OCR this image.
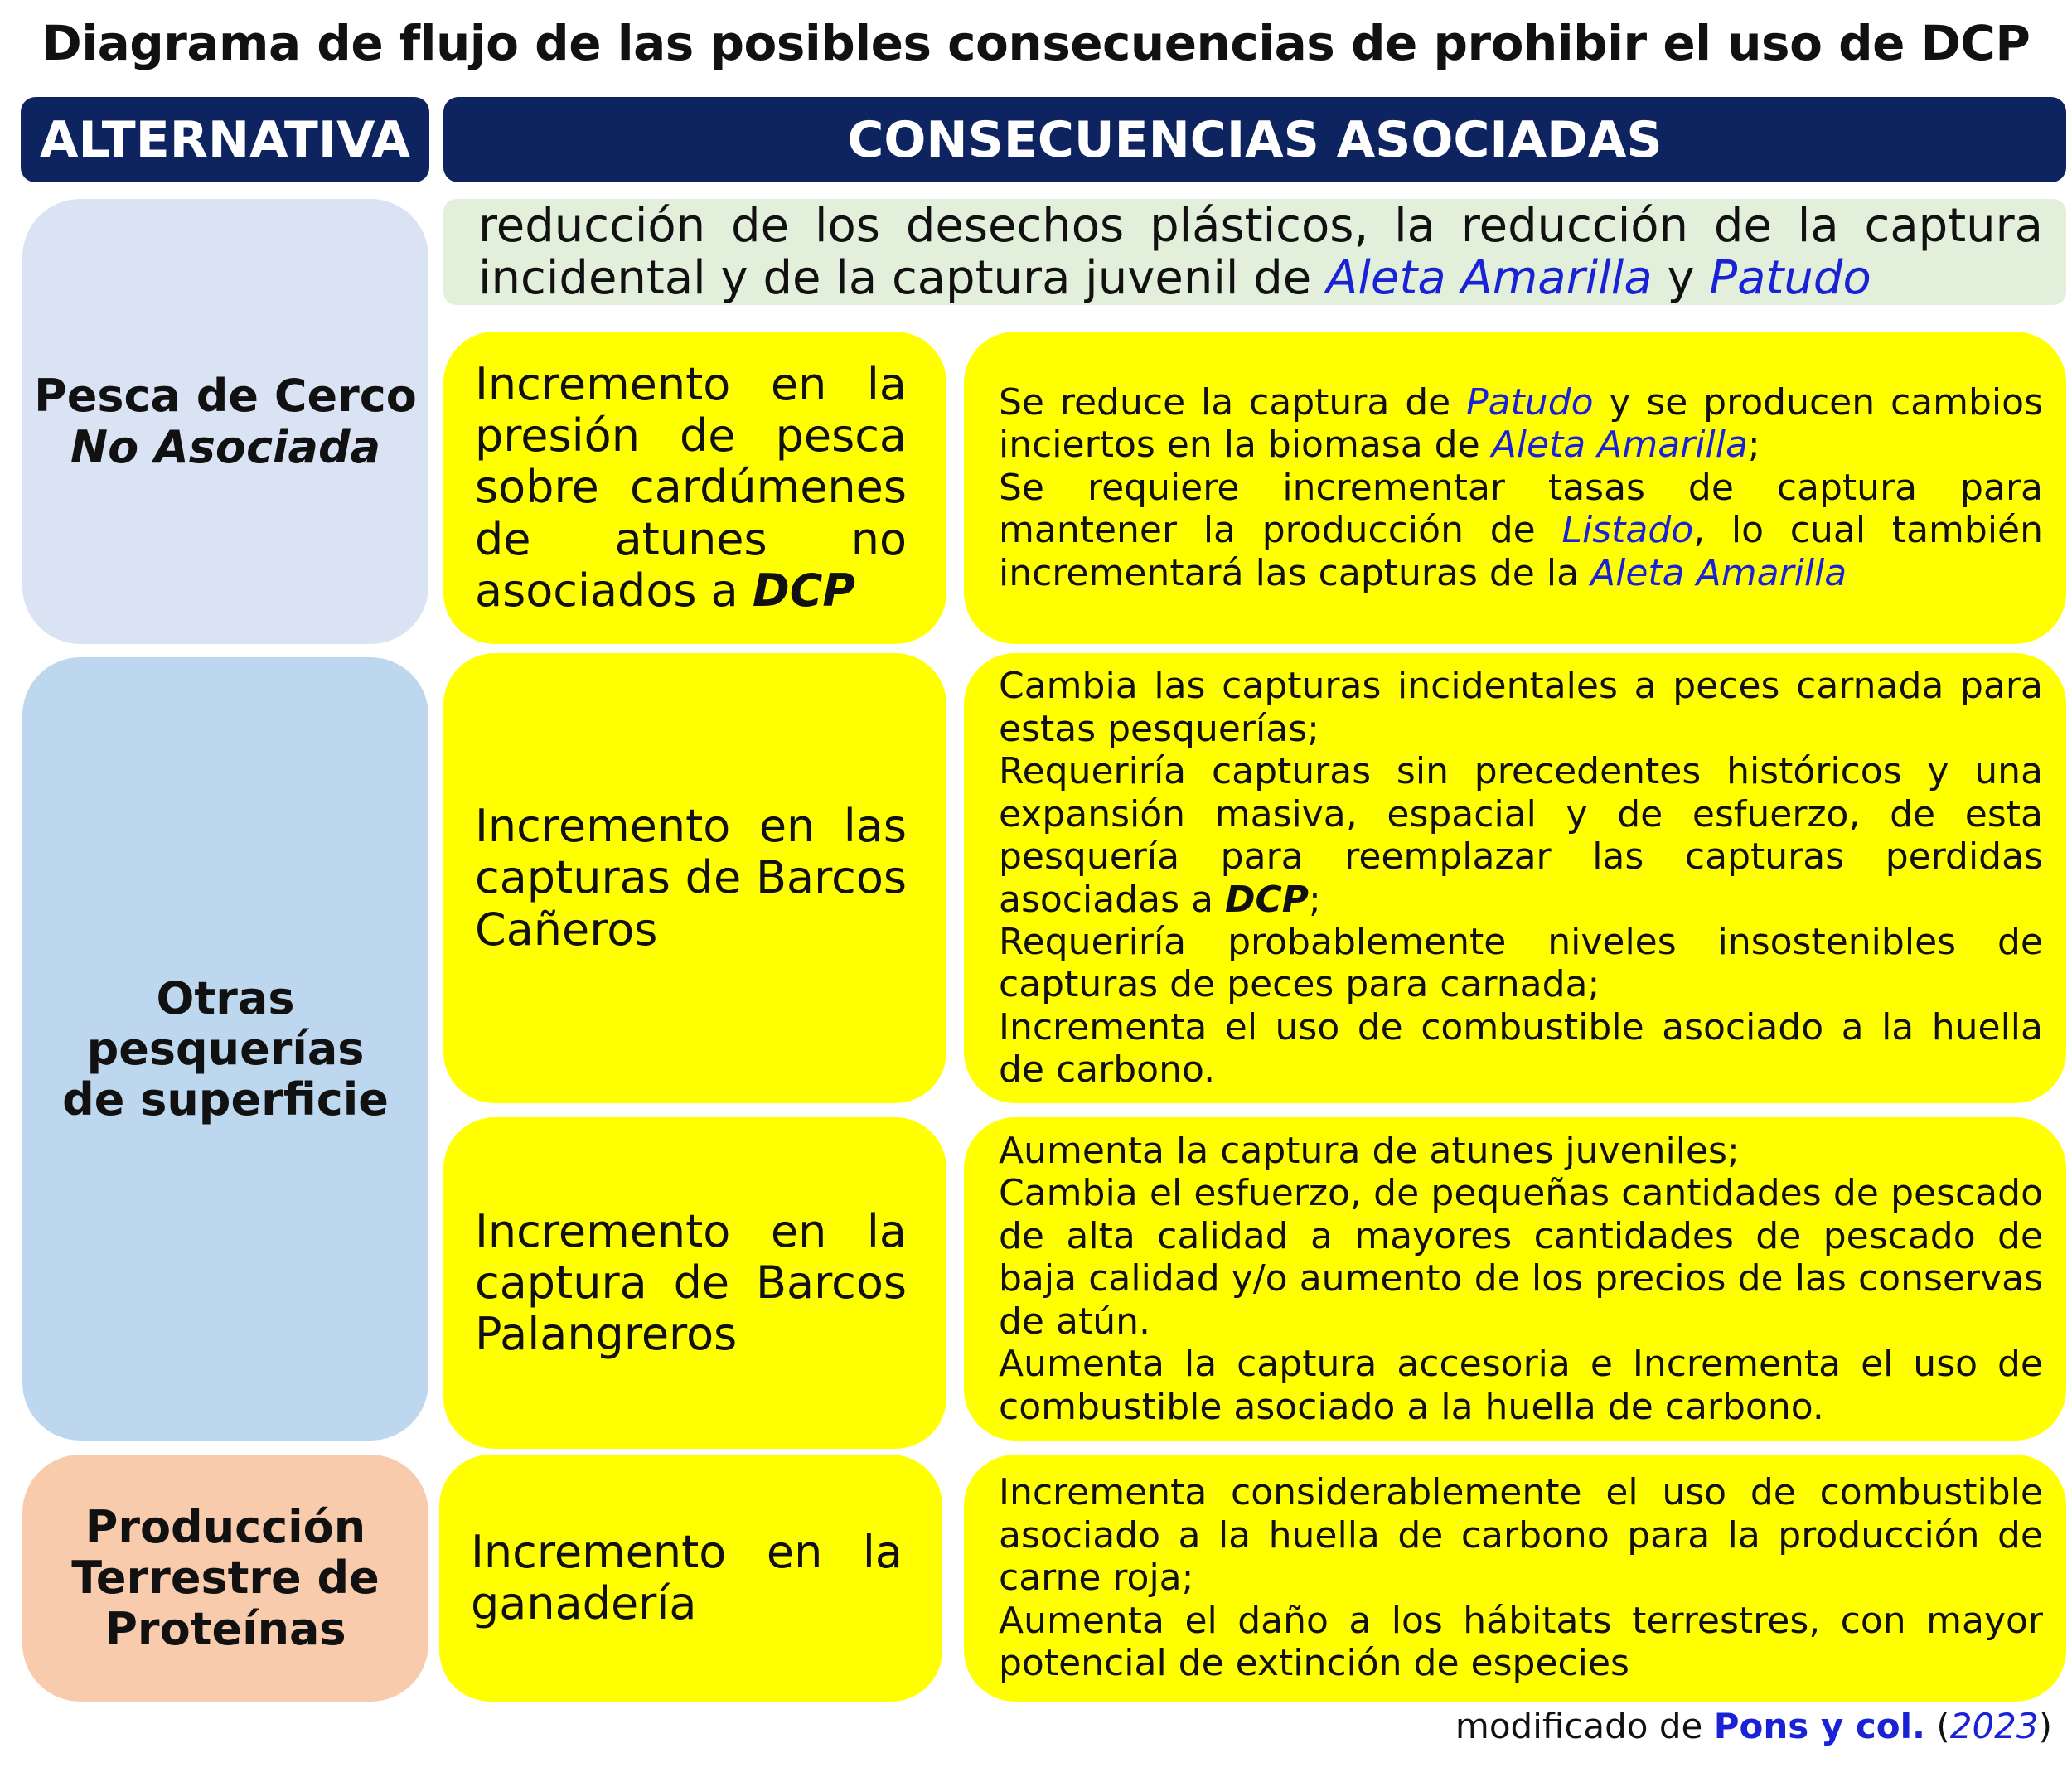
Diagrama de flujo de las posibles consecuencias de prohibir el uso de DCP
ALTERNATIVA	CONSECUENCIAS ASOCIADAS
Pesca de Cerco
No Asociada
Otras pesquerías
de superficie
Producción
Terrestre de
Proteínas

reducción de los desechos plásticos, la reducción de la captura incidental y de la captura juvenil de Aleta Amarilla y Patudo

Incremento en la presión de pesca sobre cardúmenes de atunes no asociados a DCP

Incremento en las capturas de Barcos Cañeros

Incremento en la captura de Barcos Palangreros

Incremento en la ganadería

Se reduce la captura de Patudo y se producen cambios inciertos en la biomasa de Aleta Amarilla;

Se requiere incrementar tasas de captura para mantener la producción de Listado, lo cual también incrementará las capturas de la Aleta Amarilla

Cambia las capturas incidentales a peces carnada para estas pesquerías;

Requeriría capturas sin precedentes históricos y una expansión masiva, espacial y de esfuerzo, de esta pesquería para reemplazar las capturas perdidas asociadas a DCP;

Requeriría probablemente niveles insostenibles de capturas de peces para carnada;

Incrementa el uso de combustible asociado a la huella de carbono.

Aumenta la captura de atunes juveniles;

Cambia el esfuerzo, de pequeñas cantidades de pescado de alta calidad a mayores cantidades de pescado de baja calidad y/o aumento de los precios de las conservas de atún.

Aumenta la captura accesoria e Incrementa el uso de combustible asociado a la huella de carbono.

Incrementa considerablemente el uso de combustible asociado a la huella de carbono para la producción de carne roja;

Aumenta el daño a los hábitats terrestres, con mayor potencial de extinción de especies

modificado de Pons y col. (2023)
